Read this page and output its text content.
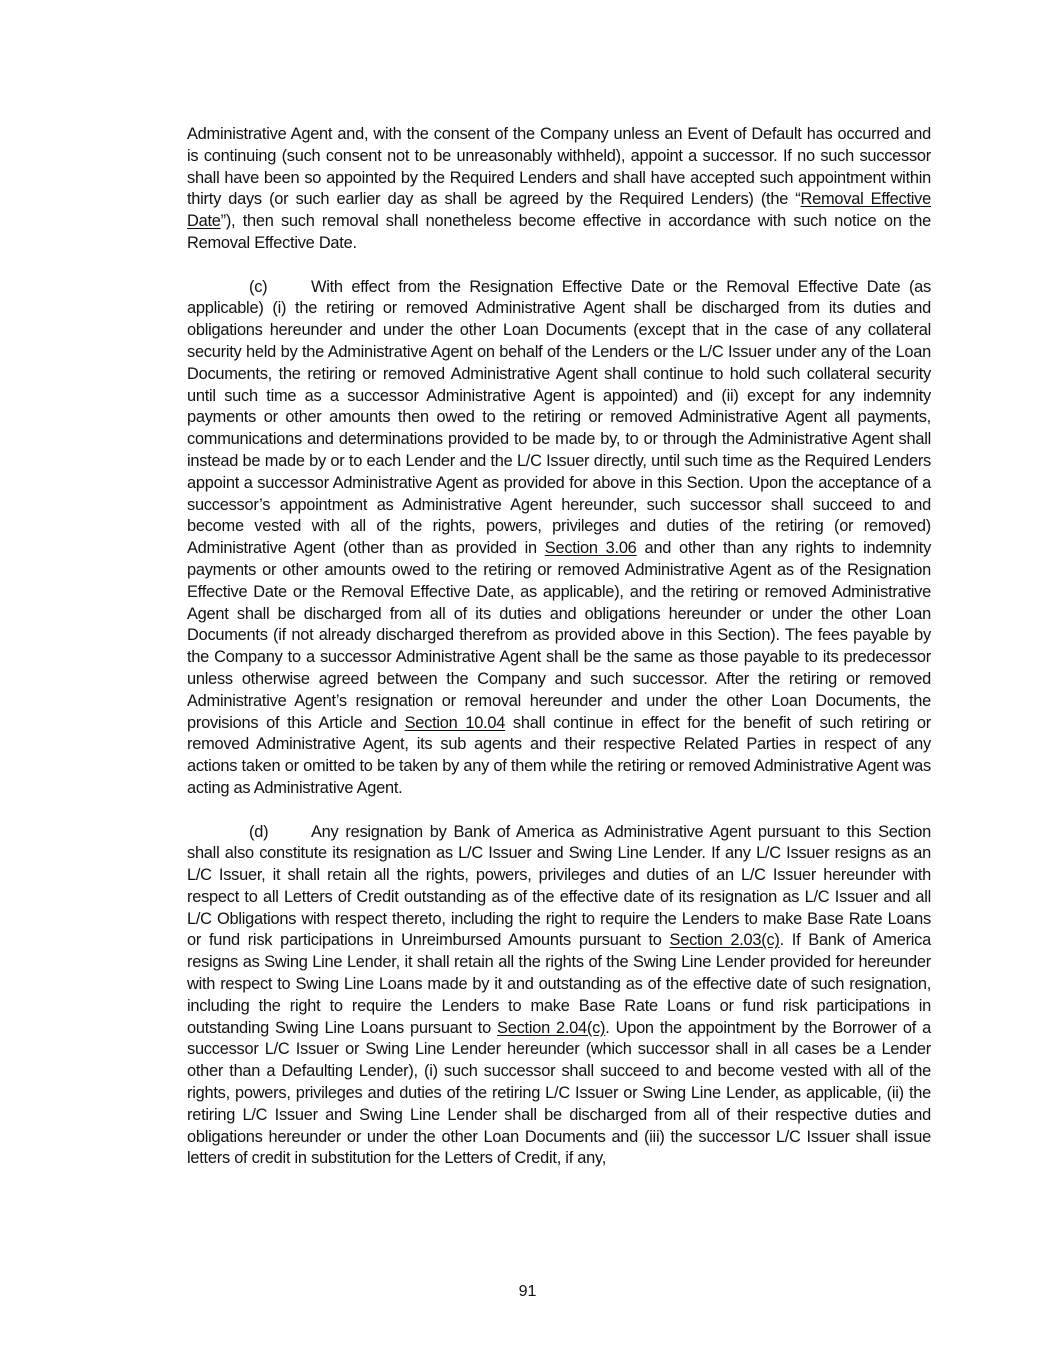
Administrative Agent and, with the consent of the Company unless an Event of Default has occurred and is continuing (such consent not to be unreasonably withheld), appoint a successor. If no such successor shall have been so appointed by the Required Lenders and shall have accepted such appointment within thirty days (or such earlier day as shall be agreed by the Required Lenders) (the “Removal Effective Date”), then such removal shall nonetheless become effective in accordance with such notice on the Removal Effective Date.

(c)	With effect from the Resignation Effective Date or the Removal Effective Date (as applicable) (i) the retiring or removed Administrative Agent shall be discharged from its duties and obligations hereunder and under the other Loan Documents (except that in the case of any collateral security held by the Administrative Agent on behalf of the Lenders or the L/C Issuer under any of the Loan Documents, the retiring or removed Administrative Agent shall continue to hold such collateral security until such time as a successor Administrative Agent is appointed) and (ii) except for any indemnity payments or other amounts then owed to the retiring or removed Administrative Agent all payments, communications and determinations provided to be made by, to or through the Administrative Agent shall instead be made by or to each Lender and the L/C Issuer directly, until such time as the Required Lenders appoint a successor Administrative Agent as provided for above in this Section. Upon the acceptance of a successor’s appointment as Administrative Agent hereunder, such successor shall succeed to and become vested with all of the rights, powers, privileges and duties of the retiring (or removed) Administrative Agent (other than as provided in Section 3.06 and other than any rights to indemnity payments or other amounts owed to the retiring or removed Administrative Agent as of the Resignation Effective Date or the Removal Effective Date, as applicable), and the retiring or removed Administrative Agent shall be discharged from all of its duties and obligations hereunder or under the other Loan Documents (if not already discharged therefrom as provided above in this Section). The fees payable by the Company to a successor Administrative Agent shall be the same as those payable to its predecessor unless otherwise agreed between the Company and such successor. After the retiring or removed Administrative Agent’s resignation or removal hereunder and under the other Loan Documents, the provisions of this Article and Section 10.04 shall continue in effect for the benefit of such retiring or removed Administrative Agent, its sub agents and their respective Related Parties in respect of any actions taken or omitted to be taken by any of them while the retiring or removed Administrative Agent was acting as Administrative Agent.

(d)	Any resignation by Bank of America as Administrative Agent pursuant to this Section shall also constitute its resignation as L/C Issuer and Swing Line Lender. If any L/C Issuer resigns as an L/C Issuer, it shall retain all the rights, powers, privileges and duties of an L/C Issuer hereunder with respect to all Letters of Credit outstanding as of the effective date of its resignation as L/C Issuer and all L/C Obligations with respect thereto, including the right to require the Lenders to make Base Rate Loans or fund risk participations in Unreimbursed Amounts pursuant to Section 2.03(c). If Bank of America resigns as Swing Line Lender, it shall retain all the rights of the Swing Line Lender provided for hereunder with respect to Swing Line Loans made by it and outstanding as of the effective date of such resignation, including the right to require the Lenders to make Base Rate Loans or fund risk participations in outstanding Swing Line Loans pursuant to Section 2.04(c). Upon the appointment by the Borrower of a successor L/C Issuer or Swing Line Lender hereunder (which successor shall in all cases be a Lender other than a Defaulting Lender), (i) such successor shall succeed to and become vested with all of the rights, powers, privileges and duties of the retiring L/C Issuer or Swing Line Lender, as applicable, (ii) the retiring L/C Issuer and Swing Line Lender shall be discharged from all of their respective duties and obligations hereunder or under the other Loan Documents and (iii) the successor L/C Issuer shall issue letters of credit in substitution for the Letters of Credit, if any,

91
